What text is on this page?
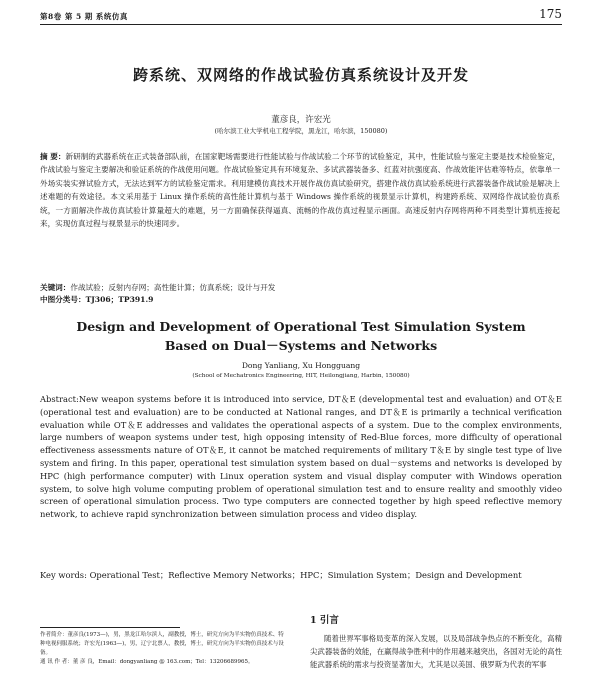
第8卷 第 5 期 系统仿真	175
跨系统、双网络的作战试验仿真系统设计及开发
董彦良，许宏光
(哈尔滨工业大学机电工程学院，黑龙江，哈尔滨，150080)
摘 要：新研制的武器系统在正式装备部队前，在国家靶场需要进行性能试验与作战试验二个环节的试验鉴定，其中，性能试验与鉴定主要是技术检验鉴定，作战试验与鉴定主要解决和验证系统的作战使用问题。作战试验鉴定具有环境复杂、多试武器装备多、红蓝对抗强度高、作战效能评估难等特点，依靠单一外场实装实弹试验方式，无法达到军方的试验鉴定需求。利用建模仿真技术开展作战仿真试验研究，搭建作战仿真试验系统进行武器装备作战试验是解决上述难题的有效途径。本文采用基于 Linux 操作系统的高性能计算机与基于 Windows 操作系统的视景显示计算机，构建跨系统、双网络作战试验仿真系统，一方面解决作战仿真试验计算量超大的难题，另一方面确保获得逼真、流畅的作战仿真过程显示画面。高速反射内存网将两种不同类型计算机连接起来，实现仿真过程与视景显示的快速同步。
关键词：作战试验；反射内存网；高性能计算；仿真系统；设计与开发
中图分类号：TJ306；TP391.9
Design and Development of Operational Test Simulation System
Based on Dual－Systems and Networks
Dong Yanliang, Xu Hongguang
(School of Mechatronics Engineering, HIT, Heilongjiang, Harbin, 150080)
Abstract:New weapon systems before it is introduced into service, DT＆E (developmental test and evaluation) and OT＆E (operational test and evaluation) are to be conducted at National ranges, and DT＆E is primarily a technical verification evaluation while OT＆E addresses and validates the operational aspects of a system. Due to the complex environments, large numbers of weapon systems under test, high opposing intensity of Red-Blue forces, more difficulty of operational effectiveness assessments nature of OT＆E, it cannot be matched requirements of military T＆E by single test type of live system and firing. In this paper, operational test simulation system based on dual－systems and networks is developed by HPC (high performance computer) with Linux operation system and visual display computer with Windows operation system, to solve high volume computing problem of operational simulation test and to ensure reality and smoothly video screen of operational simulation process. Two type computers are connected together by high speed reflective memory network, to achieve rapid synchronization between simulation process and video display.
Key words: Operational Test；Reflective Memory Networks；HPC；Simulation System；Design and Development
作者简介：董彦良(1973—)，男，黑龙江哈尔滨人，副教授，博士，研究方向为半实物仿真技术、特种电视伺服系统；许宏光(1963—)，男，辽宁北票人，教授，博士，研究方向为半实物仿真技术与设备。
通 讯 作 者：董 彦 良，Email：dongyanliang @ 163.com；Tel：13206689965。
1 引言
随着世界军事格局变革的深入发展，以及局部战争热点的不断变化，高精尖武器装备的效能，在赢得战争胜利中的作用越来越突出，各国对无论的高性能武器系统的需求与投资显著加大，尤其是以美国、俄罗斯为代表的军事
